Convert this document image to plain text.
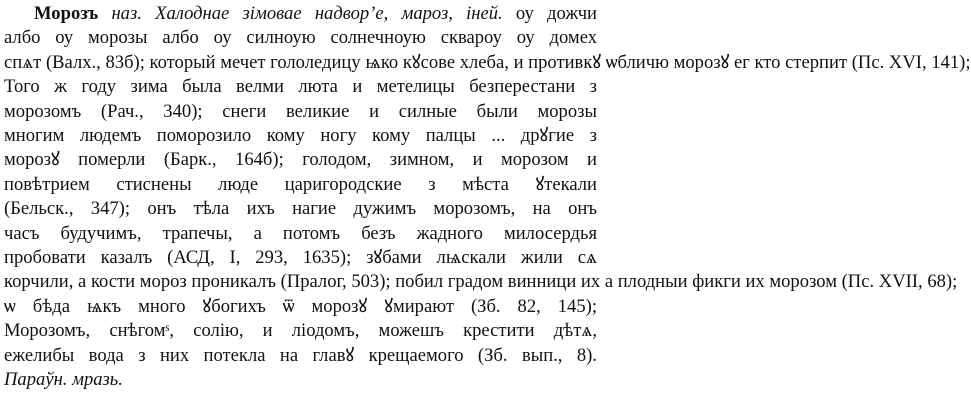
Морозъ наз. Халоднае зімовае надвор’е, мароз, іней. оу дожчи
албо оу морозы албо оу силноую солнечноую сквароу оу домех
спѧт (Валх., 83б); который мечет гололедицу ѩко кꙋсове хлеба, и противкꙋ ѡбличю морозꙋ ег кто стерпит (Пс. XVI, 141);
Того ж году зима была велми люта и метелицы безперестани з
морозомъ (Рач., 340); снеги великие и силные были морозы
многим людемъ поморозило кому ногу кому палцы ... дрꙋгие з
морозꙋ померли (Барк., 164б); голодом, зимном, и морозом и
повѣтрием стиснены люде царигородские з мѣста ꙋтекали
(Бельск., 347); онъ тѣла ихъ нагие дужимъ морозомъ, на онъ
часъ будучимъ, трапечы, а потомъ безъ жадного милосердья
пробовати казалъ (АСД, I, 293, 1635); зꙋбами лѩскали жили сѧ
корчили, а кости мороз проникалъ (Пралог, 503); побил градом винници их а плодныи фикги их морозом (Пс. XVII, 68);
ѡ бѣда ѩкъ много ꙋбогихъ ѿ морозꙋ ꙋмирают (Зб. 82, 145);
Морозомъ, снѣгомˢ, солію, и ліодомъ, можешъ крестити дѣтѧ,
ежелибы вода з них потекла на главꙋ крещаемого (Зб. вып., 8).
Параўн. мразь.
